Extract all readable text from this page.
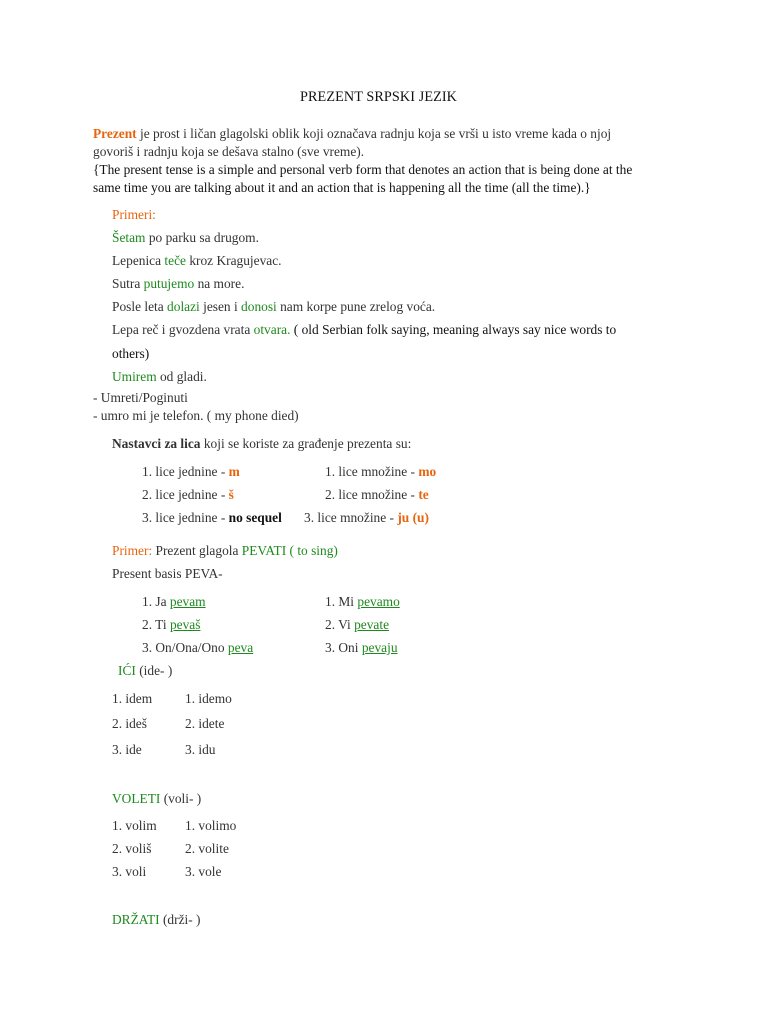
PREZENT SRPSKI JEZIK
Prezent je prost i ličan glagolski oblik koji označava radnju koja se vrši u isto vreme kada o njoj
govoriš i radnju koja se dešava stalno (sve vreme).
{The present tense is a simple and personal verb form that denotes an action that is being done at the
same time you are talking about it and an action that is happening all the time (all the time).}
Primeri:
Šetam po parku sa drugom.
Lepenica teče kroz Kragujevac.
Sutra putujemo na more.
Posle leta dolazi jesen i donosi nam korpe pune zrelog voća.
Lepa reč i gvozdena vrata otvara. ( old Serbian folk saying, meaning always say nice words to
others)
Umirem od gladi.
- Umreti/Poginuti
- umro mi je telefon. ( my phone died)
Nastavci za lica koji se koriste za građenje prezenta su:
1. lice jednine - m
2. lice jednine - š
3. lice jednine - no sequel
1. lice množine - mo
2. lice množine - te
3. lice množine - ju (u)
Primer: Prezent glagola PEVATI ( to sing)
Present basis PEVA-
1. Ja pevam
2. Ti pevaš
3. On/Ona/Ono peva
1. Mi pevamo
2. Vi pevate
3. Oni pevaju
IĆI (ide- )
1. idem
2. ideš
3. ide
1. idemo
2. idete
3. idu
VOLETI (voli- )
1. volim
2. voliš
3. voli
1. volimo
2. volite
3. vole
DRŽATI (drži- )
